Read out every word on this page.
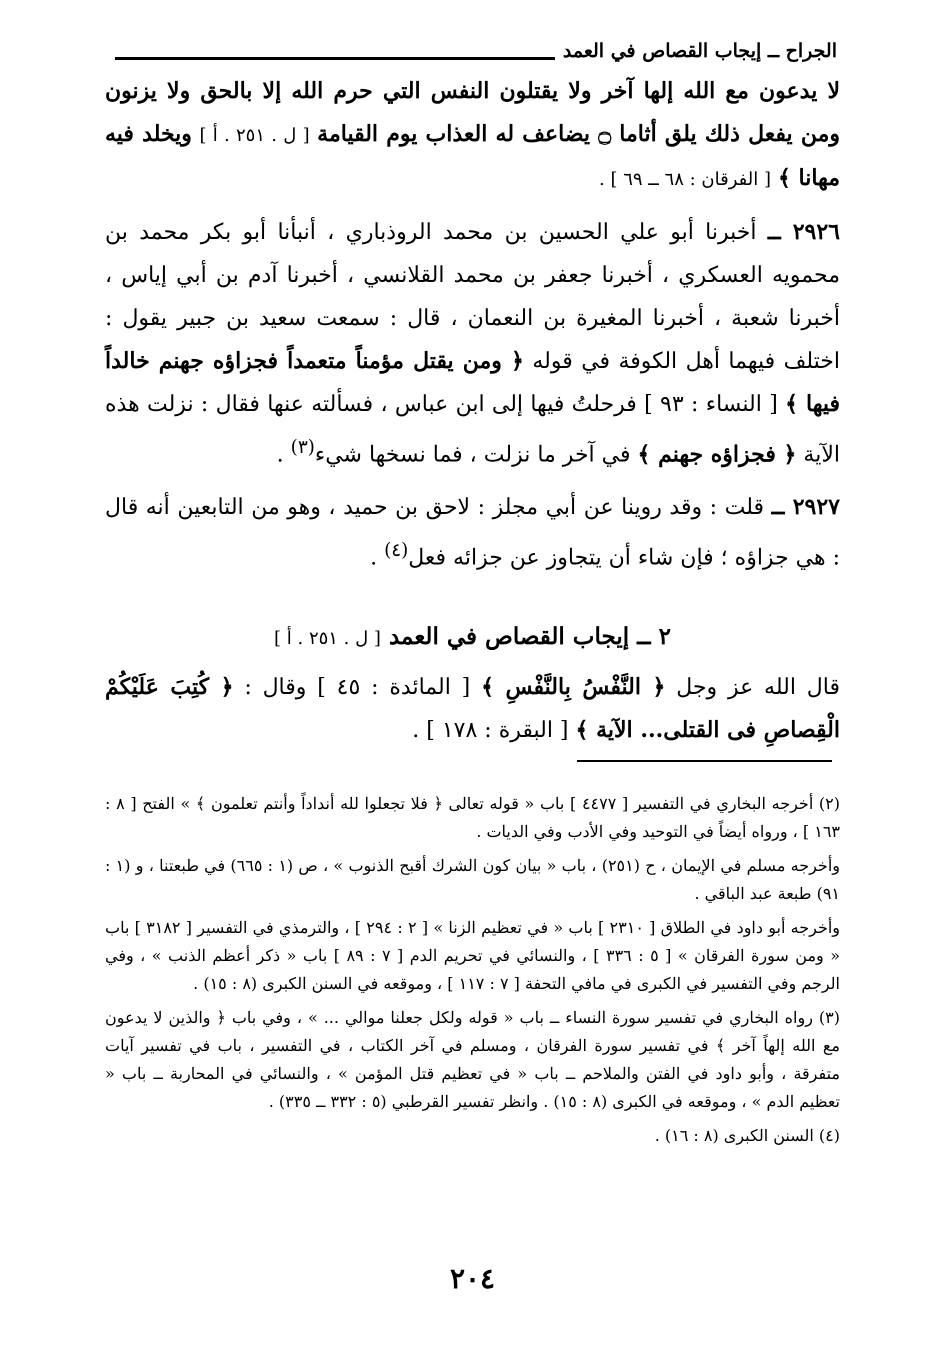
الجراح ــ إيجاب القصاص في العمد

لا يدعون مع الله إلها آخر ولا يقتلون النفس التي حرم الله إلا بالحق ولا يزنون ومن يفعل ذلك يلق أثاما ۝ يضاعف له العذاب يوم القيامة [ ل . ٢٥١ . أ ] ويخلد فيه مهانا ﴾ [ الفرقان : ٦٨ ــ ٦٩ ] .

٢٩٢٦ ــ أخبرنا أبو علي الحسين بن محمد الروذباري ، أنبأنا أبو بكر محمد بن محمويه العسكري ، أخبرنا جعفر بن محمد القلانسي ، أخبرنا آدم بن أبي إياس ، أخبرنا شعبة ، أخبرنا المغيرة بن النعمان ، قال : سمعت سعيد بن جبير يقول : اختلف فيهما أهل الكوفة في قوله ﴿ ومن يقتل مؤمناً متعمداً فجزاؤه جهنم خالداً فيها ﴾ [ النساء : ٩٣ ] فرحلتُ فيها إلى ابن عباس ، فسألته عنها فقال : نزلت هذه الآية ﴿ فجزاؤه جهنم ﴾ في آخر ما نزلت ، فما نسخها شيء$^{(٣)}$ .

٢٩٢٧ ــ قلت : وقد روينا عن أبي مجلز : لاحق بن حميد ، وهو من التابعين أنه قال : هي جزاؤه ؛ فإن شاء أن يتجاوز عن جزائه فعل$^{(٤)}$ .

٢ ــ إيجاب القصاص في العمد [ ل . ٢٥١ . أ ]

قال الله عز وجل ﴿ النَّفْسُ بِالنَّفْسِ ﴾ [ المائدة : ٤٥ ] وقال : ﴿ كُتِبَ عَلَيْكُمْ الْقِصاصِ فى القتلى... الآية ﴾ [ البقرة : ١٧٨ ] .

(٢) أخرجه البخاري في التفسير [ ٤٤٧٧ ] باب « قوله تعالى ﴿ فلا تجعلوا لله أنداداً وأنتم تعلمون ﴾ » الفتح [ ٨ : ١٦٣ ] ، ورواه أيضاً في التوحيد وفي الأدب وفي الديات .

وأخرجه مسلم في الإيمان ، ح (٢٥١) ، باب « بيان كون الشرك أقبح الذنوب » ، ص (١ : ٦٦٥) في طبعتنا ، و (١ : ٩١) طبعة عبد الباقي .

وأخرجه أبو داود في الطلاق [ ٢٣١٠ ] باب « في تعظيم الزنا » [ ٢ : ٢٩٤ ] ، والترمذي في التفسير [ ٣١٨٢ ] باب « ومن سورة الفرقان » [ ٥ : ٣٣٦ ] ، والنسائي في تحريم الدم [ ٧ : ٨٩ ] باب « ذكر أعظم الذنب » ، وفي الرجم وفي التفسير في الكبرى في مافي التحفة [ ٧ : ١١٧ ] ، وموقعه في السنن الكبرى (٨ : ١٥) .

(٣) رواه البخاري في تفسير سورة النساء ــ باب « قوله ولكل جعلنا موالي ... » ، وفي باب ﴿ والذين لا يدعون مع الله إلهاً آخر ﴾ في تفسير سورة الفرقان ، ومسلم في آخر الكتاب ، في التفسير ، باب في تفسير آيات متفرقة ، وأبو داود في الفتن والملاحم ــ باب « في تعظيم قتل المؤمن » ، والنسائي في المحاربة ــ باب « تعظيم الدم » ، وموقعه في الكبرى (٨ : ١٥) . وانظر تفسير القرطبي (٥ : ٣٣٢ ــ ٣٣٥) .

(٤) السنن الكبرى (٨ : ١٦) .

٢٠٤
